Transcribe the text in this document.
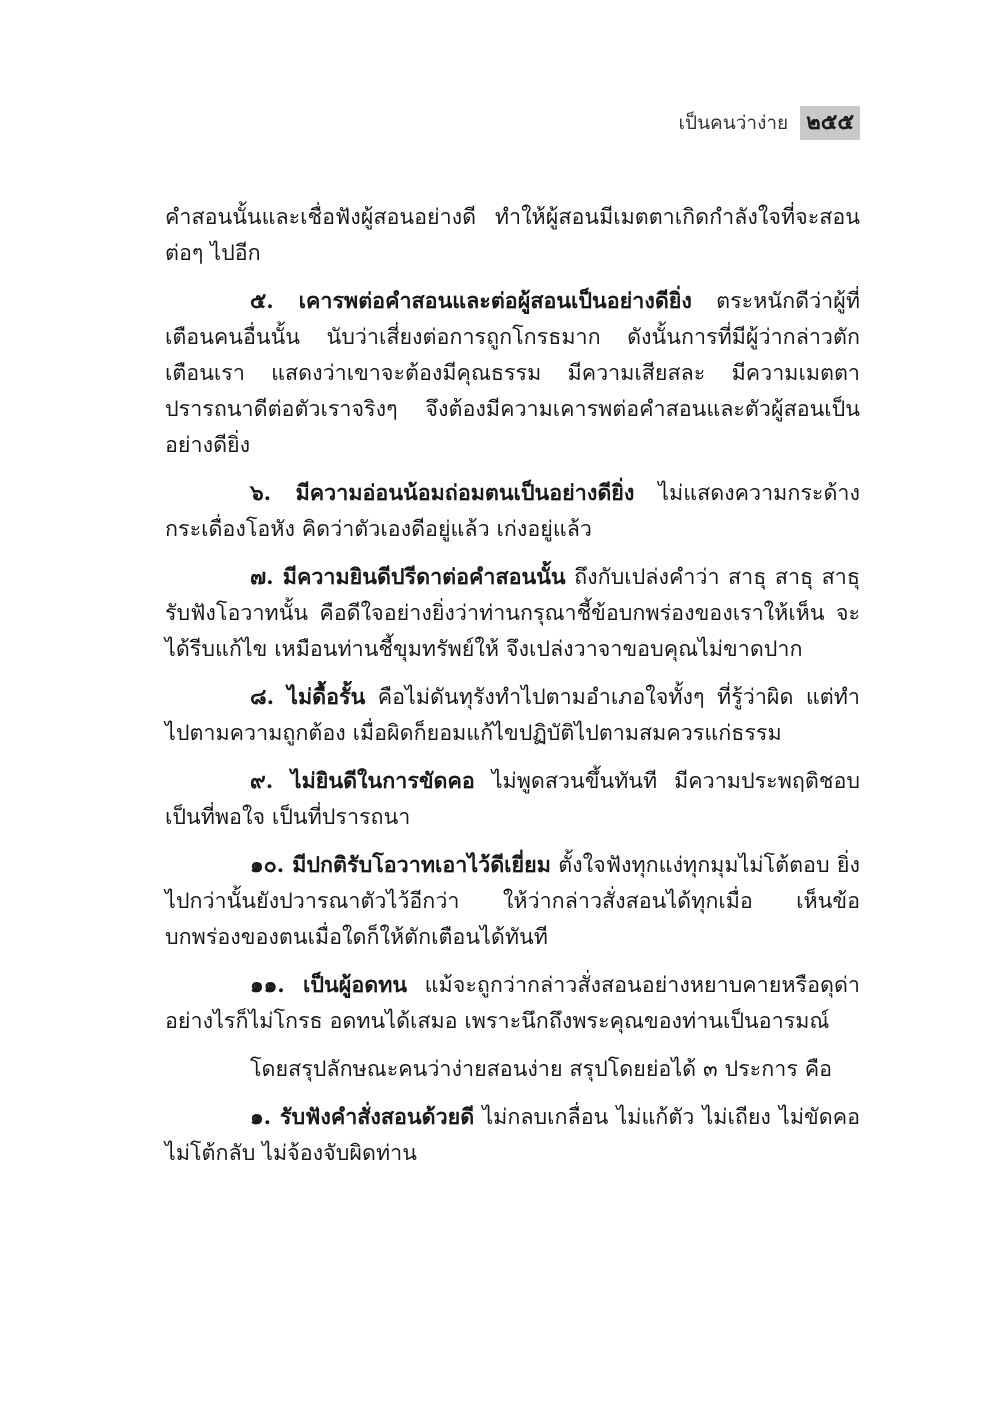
เป็นคนว่าง่าย ๒๕๕

คำสอนนั้นและเชื่อฟังผู้สอนอย่างดี ทำให้ผู้สอนมีเมตตาเกิดกำลังใจที่จะสอนต่อๆ ไปอีก

๕. เคารพต่อคำสอนและต่อผู้สอนเป็นอย่างดียิ่ง ตระหนักดีว่าผู้ที่เตือนคนอื่นนั้น นับว่าเสี่ยงต่อการถูกโกรธมาก ดังนั้นการที่มีผู้ว่ากล่าวตักเตือนเรา แสดงว่าเขาจะต้องมีคุณธรรม มีความเสียสละ มีความเมตตาปรารถนาดีต่อตัวเราจริงๆ จึงต้องมีความเคารพต่อคำสอนและตัวผู้สอนเป็นอย่างดียิ่ง

๖. มีความอ่อนน้อมถ่อมตนเป็นอย่างดียิ่ง ไม่แสดงความกระด้างกระเดื่องโอหัง คิดว่าตัวเองดีอยู่แล้ว เก่งอยู่แล้ว

๗. มีความยินดีปรีดาต่อคำสอนนั้น ถึงกับเปล่งคำว่า สาธุ สาธุ สาธุ รับฟังโอวาทนั้น คือดีใจอย่างยิ่งว่าท่านกรุณาชี้ข้อบกพร่องของเราให้เห็น จะได้รีบแก้ไข เหมือนท่านชี้ขุมทรัพย์ให้ จึงเปล่งวาจาขอบคุณไม่ขาดปาก

๘. ไม่ดื้อรั้น คือไม่ดันทุรังทำไปตามอำเภอใจทั้งๆ ที่รู้ว่าผิด แต่ทำไปตามความถูกต้อง เมื่อผิดก็ยอมแก้ไขปฏิบัติไปตามสมควรแก่ธรรม

๙. ไม่ยินดีในการขัดคอ ไม่พูดสวนขึ้นทันที มีความประพฤติชอบเป็นที่พอใจ เป็นที่ปรารถนา

๑๐. มีปกติรับโอวาทเอาไว้ดีเยี่ยม ตั้งใจฟังทุกแง่ทุกมุมไม่โต้ตอบ ยิ่งไปกว่านั้นยังปวารณาตัวไว้อีกว่า ให้ว่ากล่าวสั่งสอนได้ทุกเมื่อ เห็นข้อบกพร่องของตนเมื่อใดก็ให้ตักเตือนได้ทันที

๑๑. เป็นผู้อดทน แม้จะถูกว่ากล่าวสั่งสอนอย่างหยาบคายหรือดุด่าอย่างไรก็ไม่โกรธ อดทนได้เสมอ เพราะนึกถึงพระคุณของท่านเป็นอารมณ์

โดยสรุปลักษณะคนว่าง่ายสอนง่าย สรุปโดยย่อได้ ๓ ประการ คือ

๑. รับฟังคำสั่งสอนด้วยดี ไม่กลบเกลื่อน ไม่แก้ตัว ไม่เถียง ไม่ขัดคอ ไม่โต้กลับ ไม่จ้องจับผิดท่าน
